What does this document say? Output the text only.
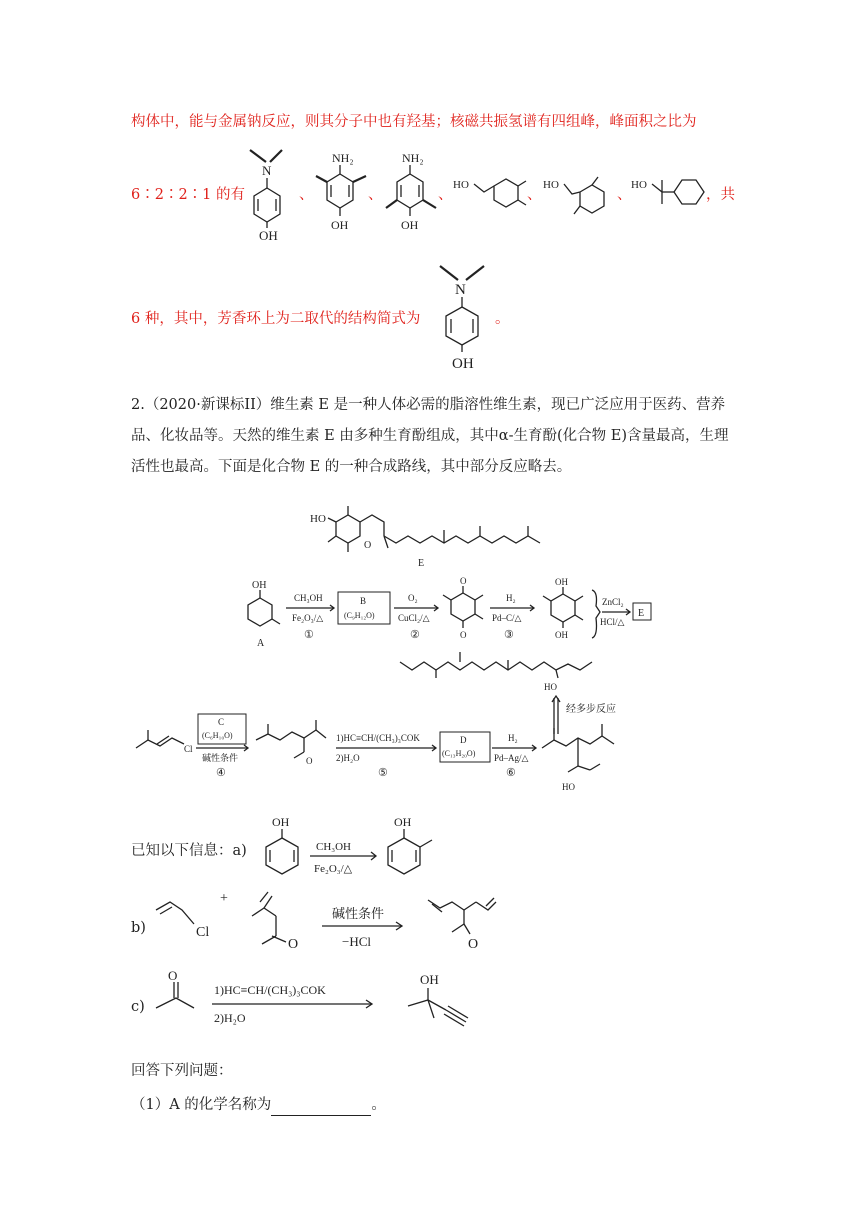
构体中，能与金属钠反应，则其分子中也有羟基；核磁共振氢谱有四组峰，峰面积之比为
6∶2∶2∶1 的有
N
OH
、
NH₂
OH
、
NH₂
OH
、
HO
、
HO
、
HO
，共
6 种，其中，芳香环上为二取代的结构简式为
N
OH
。
2.（2020·新课标II）维生素 E 是一种人体必需的脂溶性维生素，现已广泛应用于医药、营养品、化妆品等。天然的维生素 E 由多种生育酚组成，其中α-生育酚(化合物 E)含量最高，生理活性也最高。下面是化合物 E 的一种合成路线，其中部分反应略去。
HO
O
E
OH
A
CH₃OH
Fe₂O₃/△
①
B
(C₉H₁₂O)
O₂
CuCl₂/△
②
O
O
H₂
Pd–C/△
③
OH
OH
ZnCl₂
HCl/△
E
HO
经多步反应
Cl
C
(C₆H₁₀O)
碱性条件
④
O
1)HC≡CH/(CH₃)₃COK
2)H₂O
⑤
D
(C₁₃H₂₀O)
H₂
Pd–Ag/△
⑥
HO
已知以下信息：a)
OH
CH₃OH
Fe₂O₃/△
OH
b)	Cl
+
O
碱性条件
−HCl	O
c)
O
1)HC≡CH/(CH₃)₃COK
2)H₂O
OH
回答下列问题：
（1）A 的化学名称为	。
